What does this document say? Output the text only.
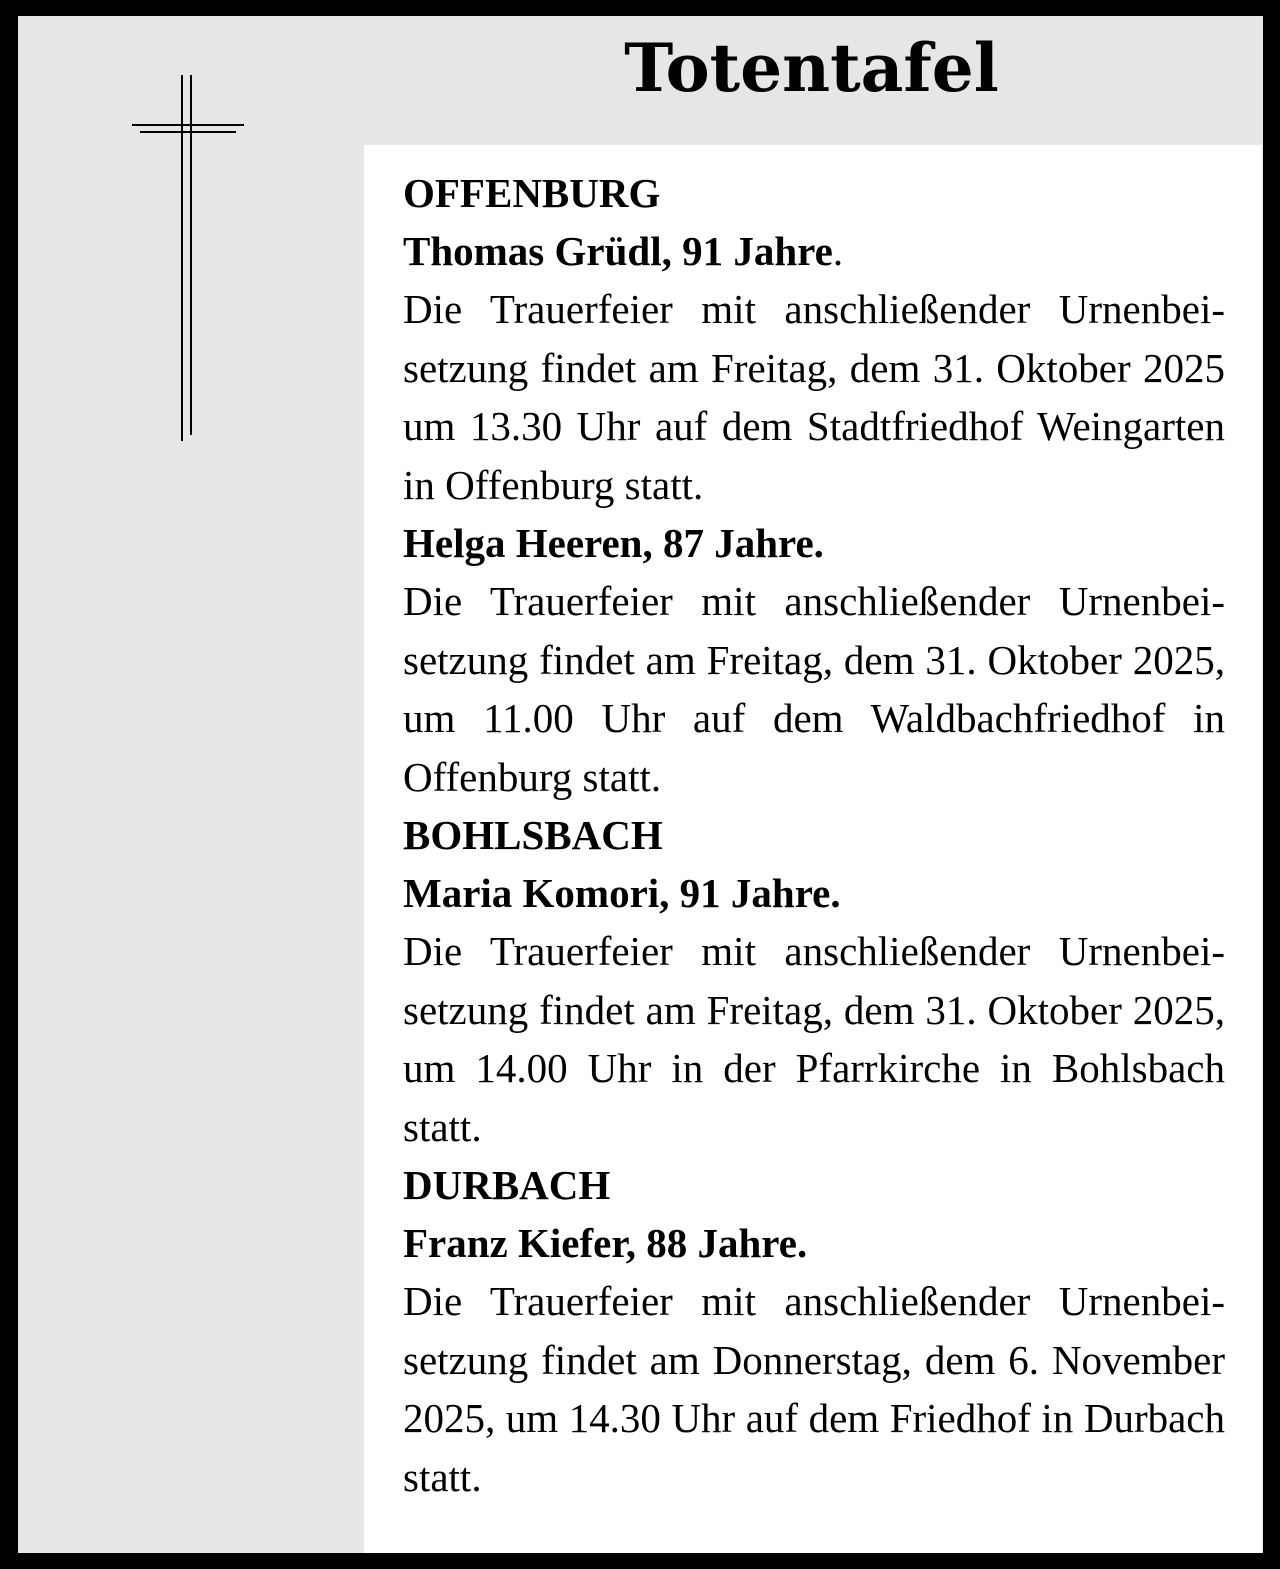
Totentafel

OFFENBURG

Thomas Grüdl, 91 Jahre.

Die Trauerfeier mit anschließender Urnenbeisetzung findet am Freitag, dem 31. Oktober 2025 um 13.30 Uhr auf dem Stadtfriedhof Weingarten in Offenburg statt.

Helga Heeren, 87 Jahre.

Die Trauerfeier mit anschließender Urnenbeisetzung findet am Freitag, dem 31. Oktober 2025, um 11.00 Uhr auf dem Waldbachfriedhof in Offenburg statt.

BOHLSBACH

Maria Komori, 91 Jahre.

Die Trauerfeier mit anschließender Urnenbeisetzung findet am Freitag, dem 31. Oktober 2025, um 14.00 Uhr in der Pfarrkirche in Bohlsbach statt.

DURBACH

Franz Kiefer, 88 Jahre.

Die Trauerfeier mit anschließender Urnenbeisetzung findet am Donnerstag, dem 6. November 2025, um 14.30 Uhr auf dem Friedhof in Durbach statt.
